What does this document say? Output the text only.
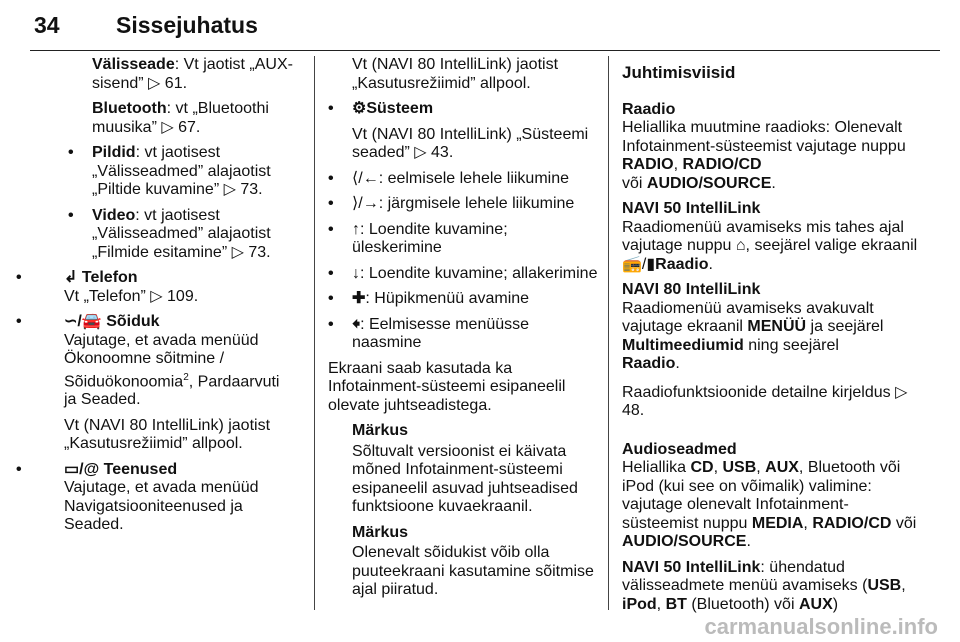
34 Sissejuhatus

Välisseade: Vt jaotist „AUX-sisend” ▷ 61.

Bluetooth: vt „Bluetoothi muusika” ▷ 67.

• Pildid: vt jaotisest „Välisseadmed” alajaotist „Piltide kuvamine” ▷ 73.
• Video: vt jaotisest „Välisseadmed” alajaotist „Filmide esitamine” ▷ 73.
•	↲ Telefon
Vt „Telefon” ▷ 109.
•	∽/🚘 Sõiduk
Vajutage, et avada menüüd Ökonoomne sõitmine / Sõiduökonoomia$^2$, Pardaarvuti ja Seaded.
Vt (NAVI 80 IntelliLink) jaotist „Kasutusrežiimid” allpool.
•	▭/@ Teenused
Vajutage, et avada menüüd Navigatsiooniteenused ja Seaded.

Vt (NAVI 80 IntelliLink) jaotist „Kasutusrežiimid” allpool.

• ⚙Süsteem
Vt (NAVI 80 IntelliLink) „Süsteemi seaded” ▷ 43.
• ⟨/←: eelmisele lehele liikumine
• ⟩/→: järgmisele lehele liikumine
• ↑: Loendite kuvamine; üleskerimine
• ↓: Loendite kuvamine; allakerimine
• ✚: Hüpikmenüü avamine
• 🠸: Eelmisesse menüüsse naasmine

Ekraani saab kasutada ka Infotainment-süsteemi esipaneelil olevate juhtseadistega.

Märkus

Sõltuvalt versioonist ei käivata mõned Infotainment-süsteemi esipaneelil asuvad juhtseadised funktsioone kuvaekraanil.

Märkus

Olenevalt sõidukist võib olla puuteekraani kasutamine sõitmise ajal piiratud.

Juhtimisviisid
Raadio

Heliallika muutmine raadioks: Olenevalt Infotainment-süsteemist vajutage nuppu RADIO, RADIO/CD
või AUDIO/SOURCE.

NAVI 50 IntelliLink

Raadiomenüü avamiseks mis tahes ajal vajutage nuppu ⌂, seejärel valige ekraanil 📻/▮Raadio.

NAVI 80 IntelliLink

Raadiomenüü avamiseks avakuvalt vajutage ekraanil MENÜÜ ja seejärel Multimeediumid ning seejärel
Raadio.

Raadiofunktsioonide detailne kirjeldus ▷ 48.

Audioseadmed

Heliallika CD, USB, AUX, Bluetooth või iPod (kui see on võimalik) valimine: vajutage olenevalt Infotainment-süsteemist nuppu MEDIA, RADIO/CD või
AUDIO/SOURCE.

NAVI 50 IntelliLink: ühendatud välisseadmete menüü avamiseks (USB, iPod, BT (Bluetooth) või AUX)

carmanualsonline.info
